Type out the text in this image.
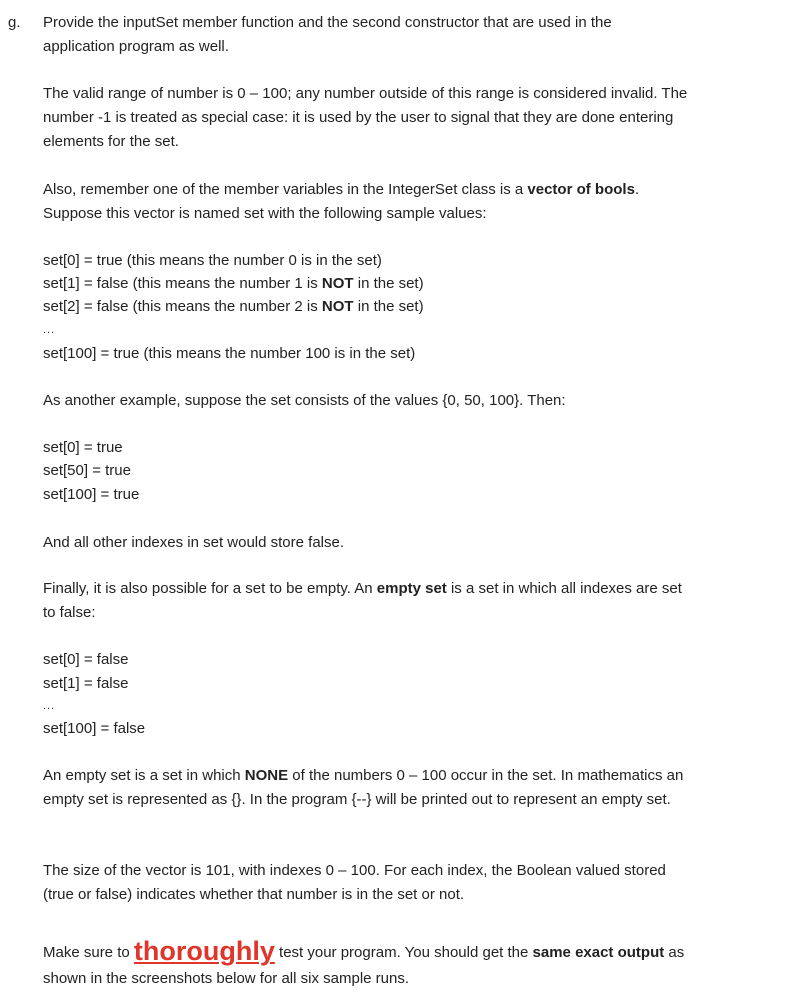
g. Provide the inputSet member function and the second constructor that are used in the
application program as well.
The valid range of number is 0 – 100; any number outside of this range is considered invalid. The
number -1 is treated as special case: it is used by the user to signal that they are done entering
elements for the set.
Also, remember one of the member variables in the IntegerSet class is a vector of bools.
Suppose this vector is named set with the following sample values:
set[0] = true (this means the number 0 is in the set)
set[1] = false (this means the number 1 is NOT in the set)
set[2] = false (this means the number 2 is NOT in the set)
...
set[100] = true (this means the number 100 is in the set)
As another example, suppose the set consists of the values {0, 50, 100}. Then:
set[0] = true
set[50] = true
set[100] = true
And all other indexes in set would store false.
Finally, it is also possible for a set to be empty. An empty set is a set in which all indexes are set
to false:
set[0] = false
set[1] = false
...
set[100] = false
An empty set is a set in which NONE of the numbers 0 – 100 occur in the set. In mathematics an
empty set is represented as {}. In the program {--} will be printed out to represent an empty set.
The size of the vector is 101, with indexes 0 – 100. For each index, the Boolean valued stored
(true or false) indicates whether that number is in the set or not.
Make sure to thoroughly test your program. You should get the same exact output as
shown in the screenshots below for all six sample runs.
